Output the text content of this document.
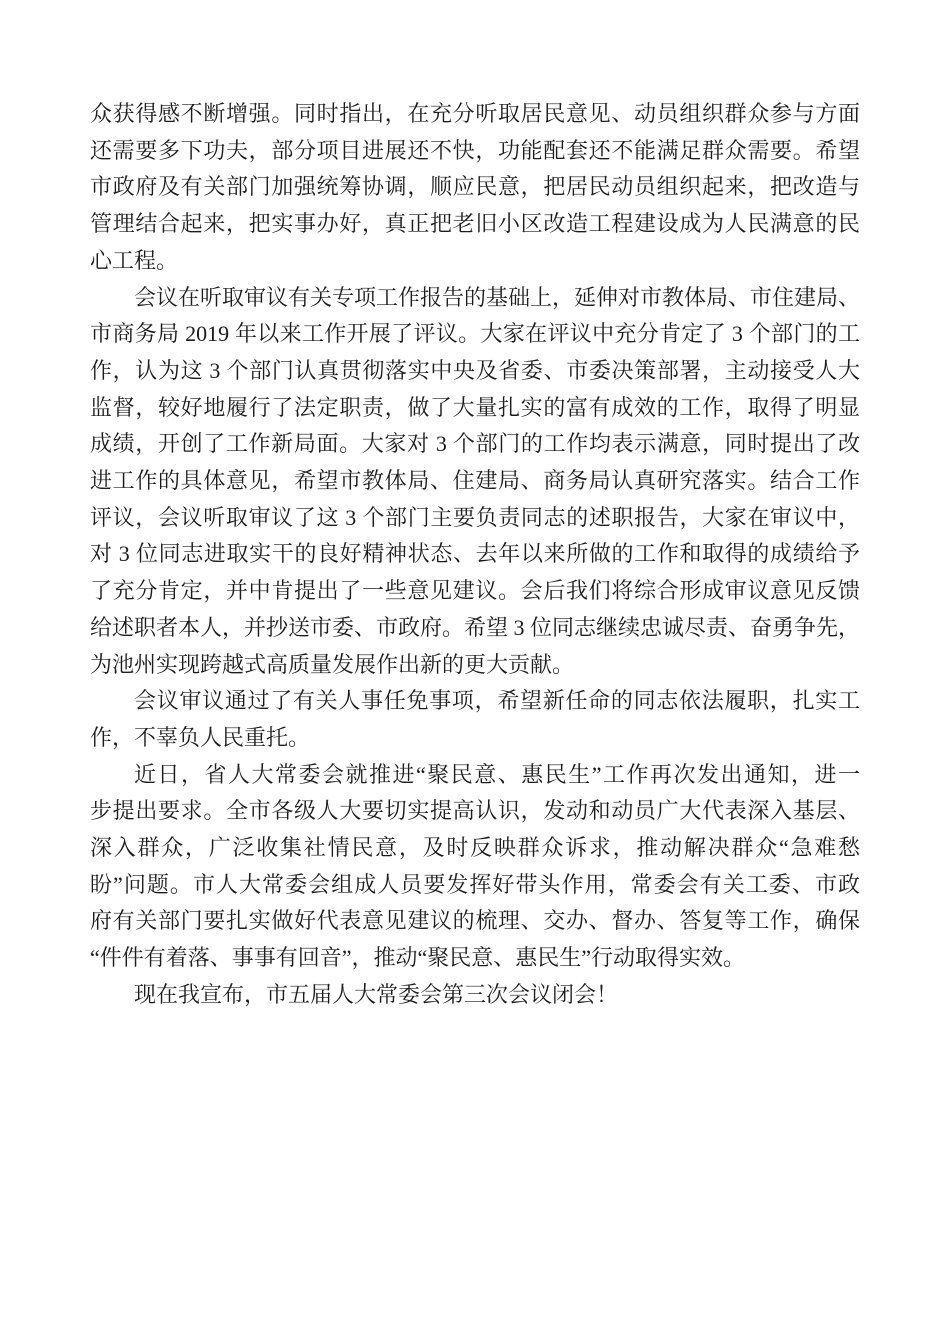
众获得感不断增强。同时指出，在充分听取居民意见、动员组织群众参与方面
还需要多下功夫，部分项目进展还不快，功能配套还不能满足群众需要。希望
市政府及有关部门加强统筹协调，顺应民意，把居民动员组织起来，把改造与
管理结合起来，把实事办好，真正把老旧小区改造工程建设成为人民满意的民
心工程。
会议在听取审议有关专项工作报告的基础上，延伸对市教体局、市住建局、
市商务局 2019 年以来工作开展了评议。大家在评议中充分肯定了 3 个部门的工
作，认为这 3 个部门认真贯彻落实中央及省委、市委决策部署，主动接受人大
监督，较好地履行了法定职责，做了大量扎实的富有成效的工作，取得了明显
成绩，开创了工作新局面。大家对 3 个部门的工作均表示满意，同时提出了改
进工作的具体意见，希望市教体局、住建局、商务局认真研究落实。结合工作
评议，会议听取审议了这 3 个部门主要负责同志的述职报告，大家在审议中，
对 3 位同志进取实干的良好精神状态、去年以来所做的工作和取得的成绩给予
了充分肯定，并中肯提出了一些意见建议。会后我们将综合形成审议意见反馈
给述职者本人，并抄送市委、市政府。希望 3 位同志继续忠诚尽责、奋勇争先，
为池州实现跨越式高质量发展作出新的更大贡献。
会议审议通过了有关人事任免事项，希望新任命的同志依法履职，扎实工
作，不辜负人民重托。
近日，省人大常委会就推进“聚民意、惠民生”工作再次发出通知，进一
步提出要求。全市各级人大要切实提高认识，发动和动员广大代表深入基层、
深入群众，广泛收集社情民意，及时反映群众诉求，推动解决群众“急难愁
盼”问题。市人大常委会组成人员要发挥好带头作用，常委会有关工委、市政
府有关部门要扎实做好代表意见建议的梳理、交办、督办、答复等工作，确保
“件件有着落、事事有回音”，推动“聚民意、惠民生”行动取得实效。
现在我宣布，市五届人大常委会第三次会议闭会！
